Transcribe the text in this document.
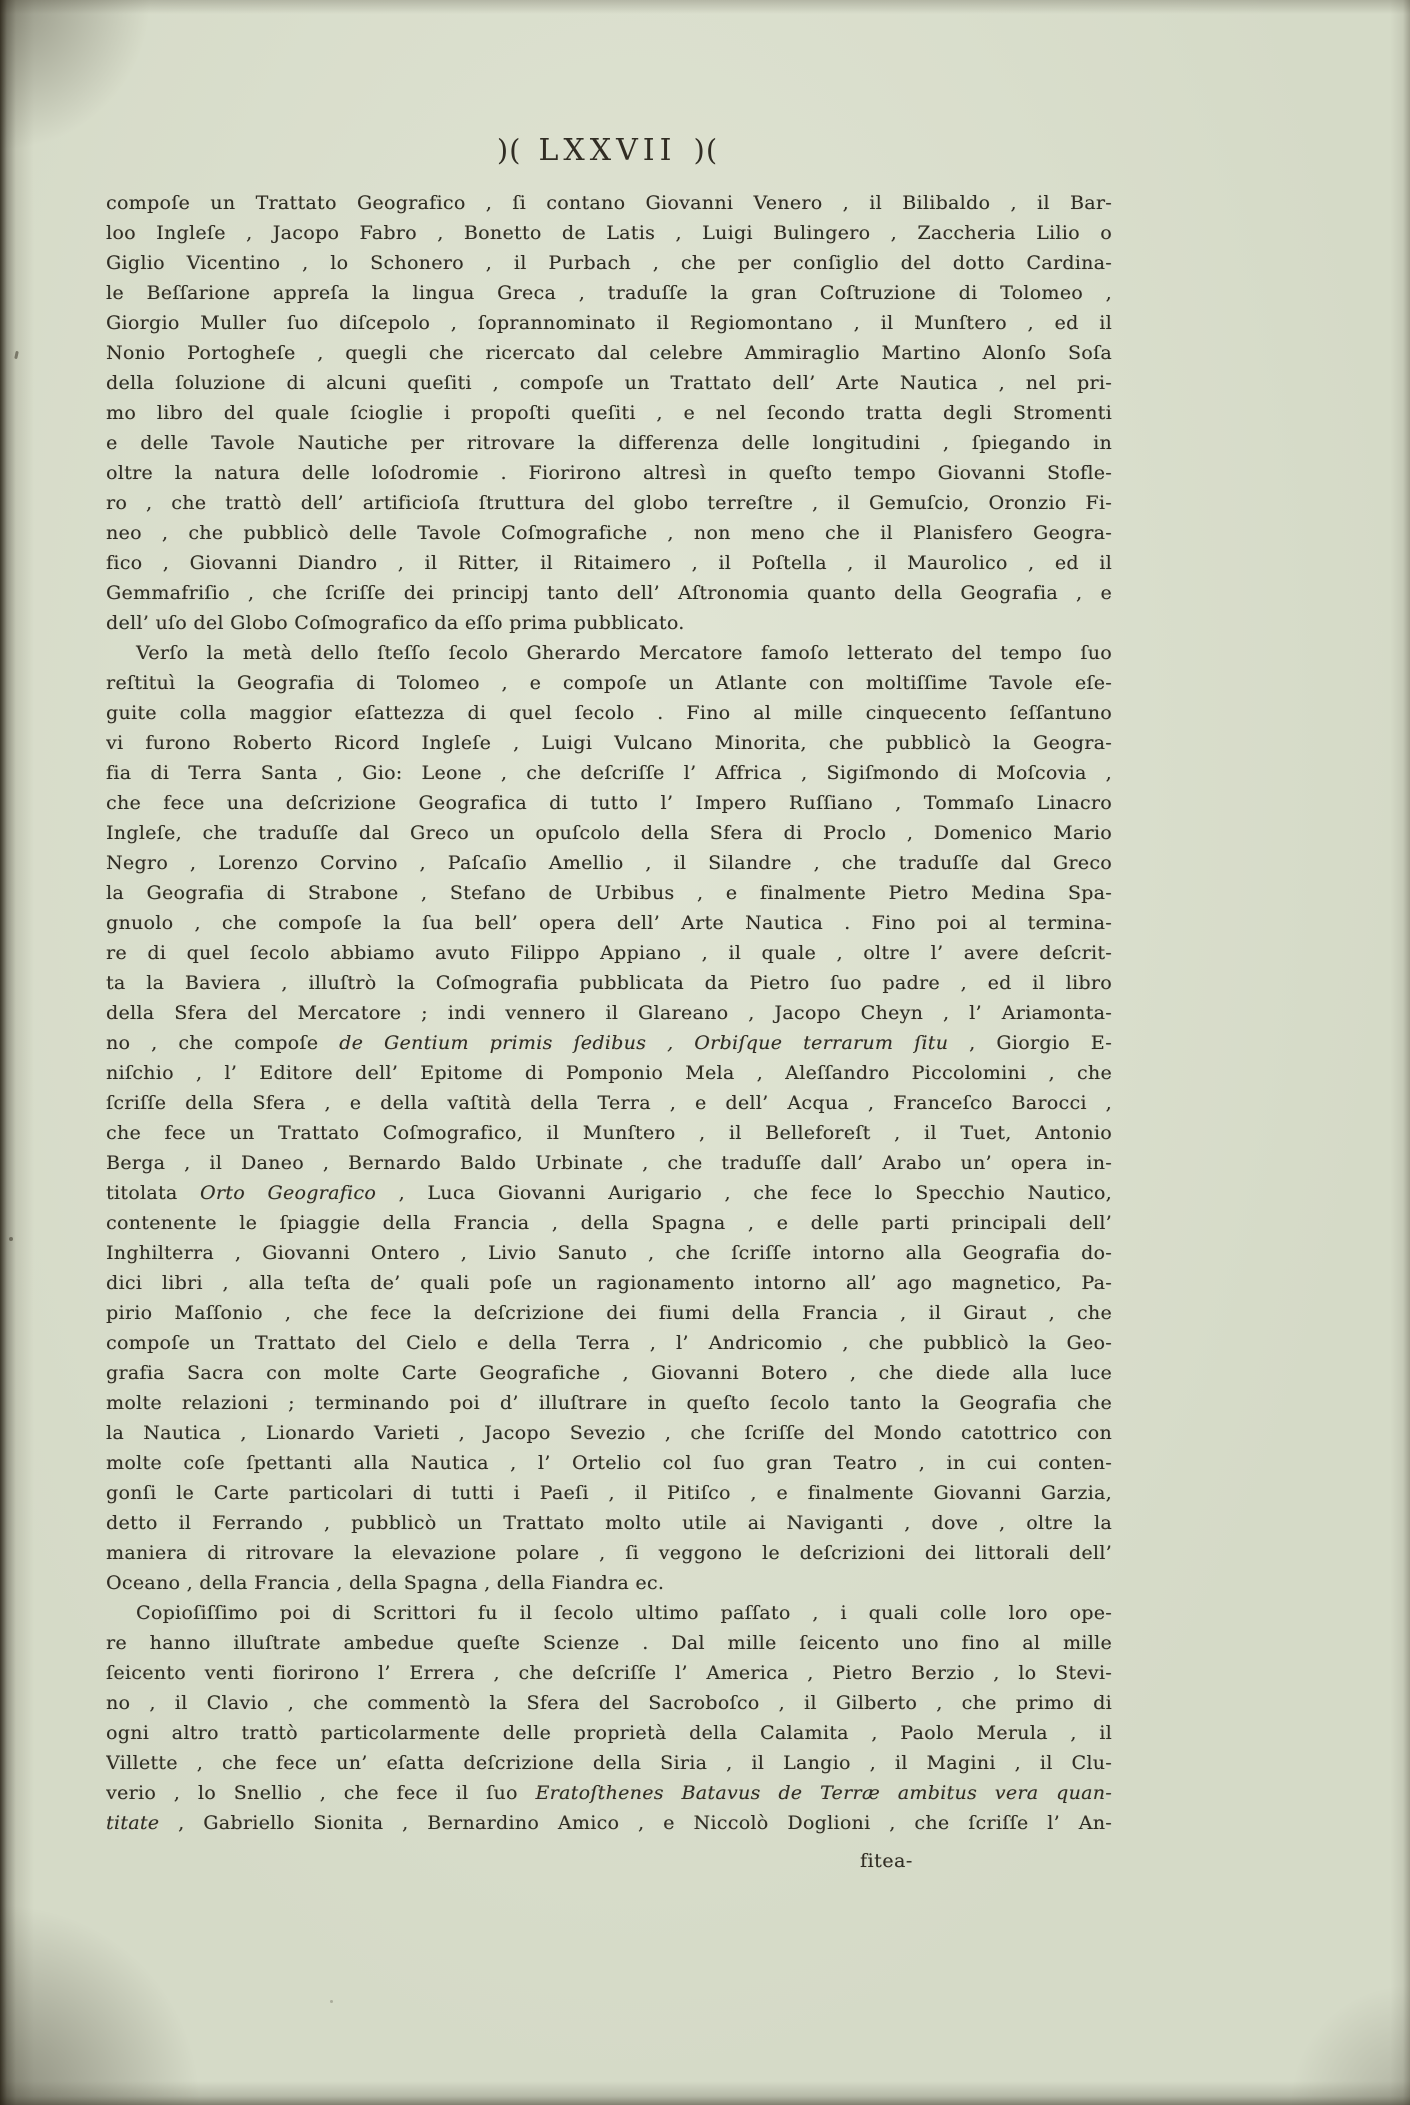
)( LXXVII )(
compoſe un Trattato Geografico , ſi contano Giovanni Venero , il Bilibaldo , il Bar-
loo Ingleſe , Jacopo Fabro , Bonetto de Latis , Luigi Bulingero , Zaccheria Lilio o
Giglio Vicentino , lo Schonero , il Purbach , che per conſiglio del dotto Cardina-
le Beſſarione appreſa la lingua Greca , traduſſe la gran Coſtruzione di Tolomeo ,
Giorgio Muller ſuo diſcepolo , ſoprannominato il Regiomontano , il Munſtero , ed il
Nonio Portogheſe , quegli che ricercato dal celebre Ammiraglio Martino Alonſo Soſa
della ſoluzione di alcuni queſiti , compoſe un Trattato dell’ Arte Nautica , nel pri-
mo libro del quale ſcioglie i propoſti queſiti , e nel ſecondo tratta degli Stromenti
e delle Tavole Nautiche per ritrovare la differenza delle longitudini , ſpiegando in
oltre la natura delle loſodromie . Fiorirono altresì in queſto tempo Giovanni Stofle-
ro , che trattò dell’ artificioſa ſtruttura del globo terreſtre , il Gemuſcio, Oronzio Fi-
neo , che pubblicò delle Tavole Coſmografiche , non meno che il Planisfero Geogra-
fico , Giovanni Diandro , il Ritter, il Ritaimero , il Poſtella , il Maurolico , ed il
Gemmafriſio , che ſcriſſe dei principj tanto dell’ Aſtronomia quanto della Geografia , e
dell’ uſo del Globo Coſmografico da eſſo prima pubblicato.
Verſo la metà dello ſteſſo ſecolo Gherardo Mercatore famoſo letterato del tempo ſuo
reſtituì la Geografia di Tolomeo , e compoſe un Atlante con moltiſſime Tavole eſe-
guite colla maggior eſattezza di quel ſecolo . Fino al mille cinquecento ſeſſantuno
vi furono Roberto Ricord Ingleſe , Luigi Vulcano Minorita, che pubblicò la Geogra-
fia di Terra Santa , Gio: Leone , che deſcriſſe l’ Affrica , Sigiſmondo di Moſcovia ,
che fece una deſcrizione Geografica di tutto l’ Impero Ruſſiano , Tommaſo Linacro
Ingleſe, che traduſſe dal Greco un opuſcolo della Sfera di Proclo , Domenico Mario
Negro , Lorenzo Corvino , Paſcaſio Amellio , il Silandre , che traduſſe dal Greco
la Geografia di Strabone , Stefano de Urbibus , e finalmente Pietro Medina Spa-
gnuolo , che compoſe la ſua bell’ opera dell’ Arte Nautica . Fino poi al termina-
re di quel ſecolo abbiamo avuto Filippo Appiano , il quale , oltre l’ avere deſcrit-
ta la Baviera , illuſtrò la Coſmografia pubblicata da Pietro ſuo padre , ed il libro
della Sfera del Mercatore ; indi vennero il Glareano , Jacopo Cheyn , l’ Ariamonta-
no , che compoſe de Gentium primis ſedibus , Orbiſque terrarum ſitu , Giorgio E-
niſchio , l’ Editore dell’ Epitome di Pomponio Mela , Aleſſandro Piccolomini , che
ſcriſſe della Sfera , e della vaſtità della Terra , e dell’ Acqua , Franceſco Barocci ,
che fece un Trattato Coſmografico, il Munſtero , il Belleforeſt , il Tuet, Antonio
Berga , il Daneo , Bernardo Baldo Urbinate , che traduſſe dall’ Arabo un’ opera in-
titolata Orto Geografico , Luca Giovanni Aurigario , che fece lo Specchio Nautico,
contenente le ſpiaggie della Francia , della Spagna , e delle parti principali dell’
Inghilterra , Giovanni Ontero , Livio Sanuto , che ſcriſſe intorno alla Geografia do-
dici libri , alla teſta de’ quali poſe un ragionamento intorno all’ ago magnetico, Pa-
pirio Maſſonio , che fece la deſcrizione dei fiumi della Francia , il Giraut , che
compoſe un Trattato del Cielo e della Terra , l’ Andricomio , che pubblicò la Geo-
grafia Sacra con molte Carte Geografiche , Giovanni Botero , che diede alla luce
molte relazioni ; terminando poi d’ illuſtrare in queſto ſecolo tanto la Geografia che
la Nautica , Lionardo Varieti , Jacopo Sevezio , che ſcriſſe del Mondo catottrico con
molte coſe ſpettanti alla Nautica , l’ Ortelio col ſuo gran Teatro , in cui conten-
gonſi le Carte particolari di tutti i Paeſi , il Pitiſco , e finalmente Giovanni Garzia,
detto il Ferrando , pubblicò un Trattato molto utile ai Naviganti , dove , oltre la
maniera di ritrovare la elevazione polare , ſi veggono le deſcrizioni dei littorali dell’
Oceano , della Francia , della Spagna , della Fiandra ec.
Copioſiſſimo poi di Scrittori fu il ſecolo ultimo paſſato , i quali colle loro ope-
re hanno illuſtrate ambedue queſte Scienze . Dal mille ſeicento uno fino al mille
ſeicento venti fiorirono l’ Errera , che deſcriſſe l’ America , Pietro Berzio , lo Stevi-
no , il Clavio , che commentò la Sfera del Sacroboſco , il Gilberto , che primo di
ogni altro trattò particolarmente delle proprietà della Calamita , Paolo Merula , il
Villette , che fece un’ eſatta deſcrizione della Siria , il Langio , il Magini , il Clu-
verio , lo Snellio , che fece il ſuo Eratoſthenes Batavus de Terræ ambitus vera quan-
titate , Gabriello Sionita , Bernardino Amico , e Niccolò Doglioni , che ſcriſſe l’ An-
fitea-
